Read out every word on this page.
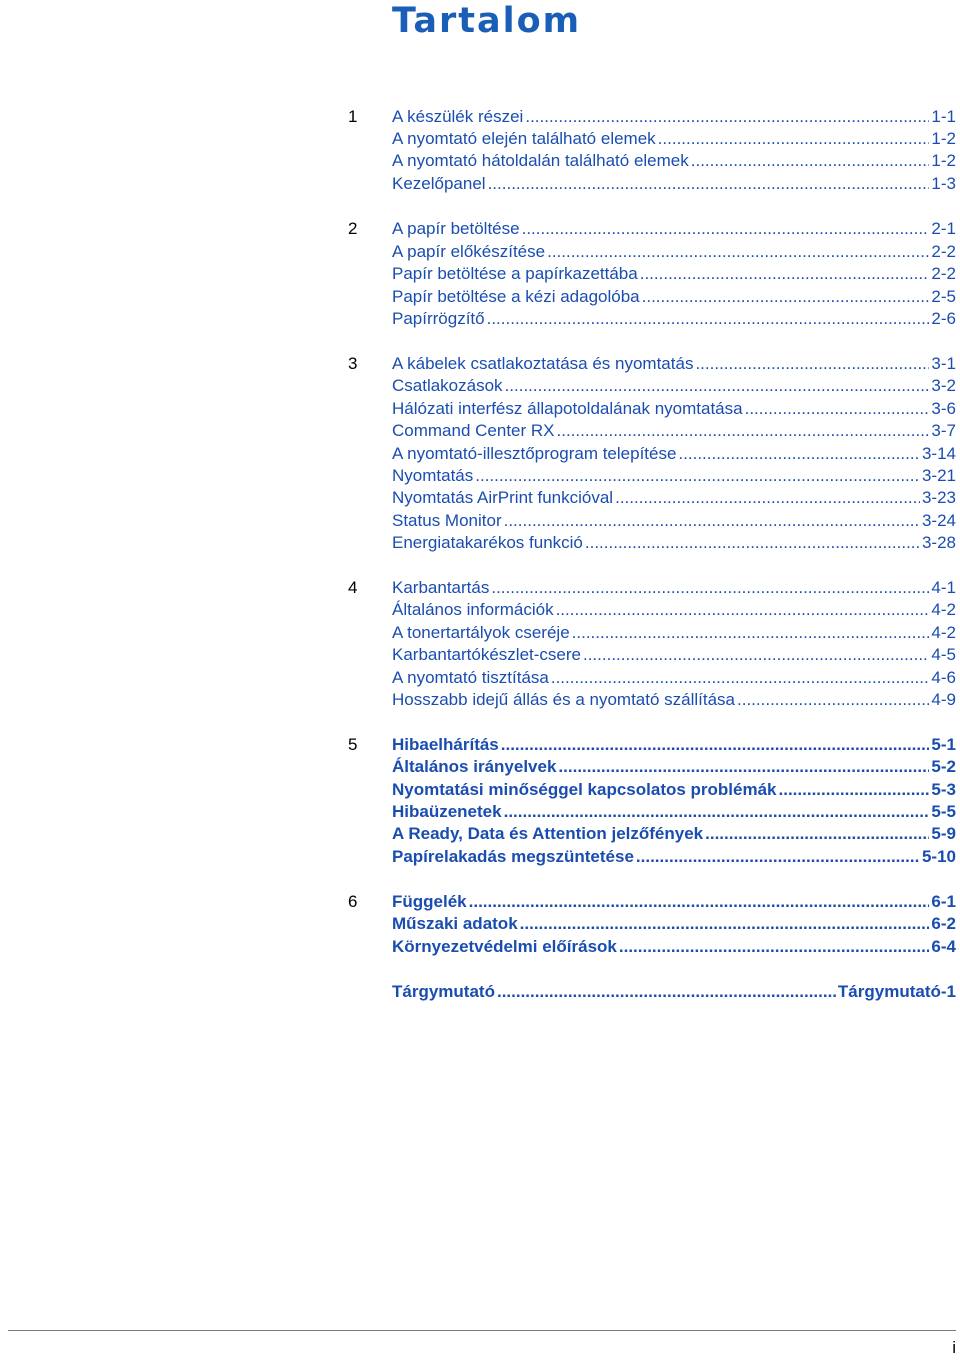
Tartalom
1 A készülék részei .....	1-1
A nyomtató elején található elemek .....	1-2
A nyomtató hátoldalán található elemek .....	1-2
Kezelőpanel .....	1-3
2 A papír betöltése .....	2-1
A papír előkészítése .....	2-2
Papír betöltése a papírkazettába .....	2-2
Papír betöltése a kézi adagolóba .....	2-5
Papírrögzítő .....	2-6
3 A kábelek csatlakoztatása és nyomtatás .....	3-1
Csatlakozások .....	3-2
Hálózati interfész állapotoldalának nyomtatása .....	3-6
Command Center RX .....	3-7
A nyomtató-illesztőprogram telepítése .....	3-14
Nyomtatás .....	3-21
Nyomtatás AirPrint funkcióval .....	3-23
Status Monitor .....	3-24
Energiatakarékos funkció .....	3-28
4 Karbantartás .....	4-1
Általános információk .....	4-2
A tonertartályok cseréje .....	4-2
Karbantartókészlet-csere .....	4-5
A nyomtató tisztítása .....	4-6
Hosszabb idejű állás és a nyomtató szállítása .....	4-9
5 Hibaelhárítás .....	5-1
Általános irányelvek .....	5-2
Nyomtatási minőséggel kapcsolatos problémák .....	5-3
Hibaüzenetek .....	5-5
A Ready, Data és Attention jelzőfények .....	5-9
Papírelakadás megszüntetése .....	5-10
6 Függelék .....	6-1
Műszaki adatok .....	6-2
Környezetvédelmi előírások .....	6-4
Tárgymutató .....	Tárgymutató-1
i
